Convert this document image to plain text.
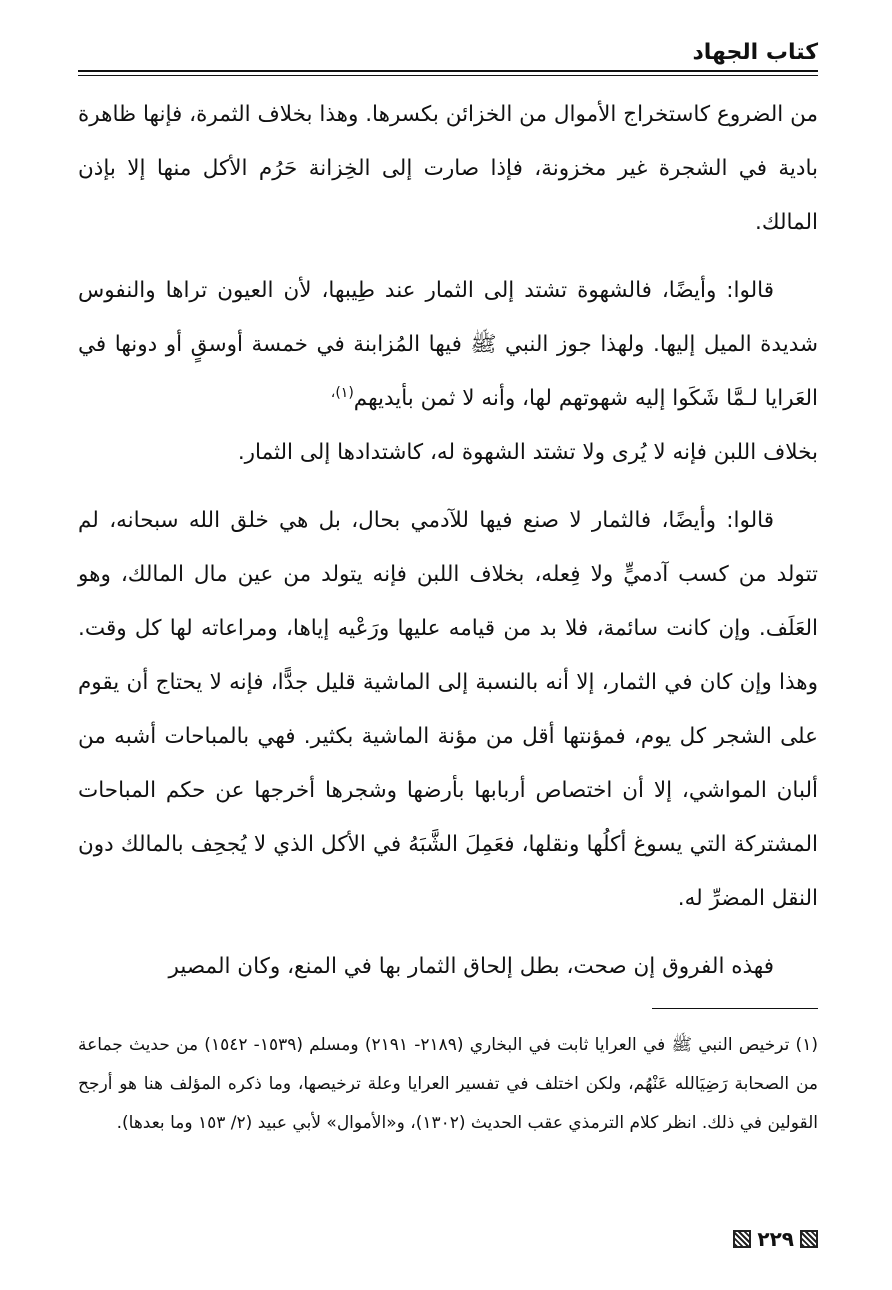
كتاب الجهاد

من الضروع كاستخراج الأموال من الخزائن بكسرها. وهذا بخلاف الثمرة، فإنها ظاهرة بادية في الشجرة غير مخزونة، فإذا صارت إلى الخِزانة حَرُم الأكل منها إلا بإذن المالك.

قالوا: وأيضًا، فالشهوة تشتد إلى الثمار عند طِيبها، لأن العيون تراها والنفوس شديدة الميل إليها. ولهذا جوز النبي ﷺ فيها المُزابنة في خمسة أوسقٍ أو دونها في العَرايا لـمَّا شَكَوا إليه شهوتهم لها، وأنه لا ثمن بأيديهم$^{(١)،}$

بخلاف اللبن فإنه لا يُرى ولا تشتد الشهوة له، كاشتدادها إلى الثمار.

قالوا: وأيضًا، فالثمار لا صنع فيها للآدمي بحال، بل هي خلق الله سبحانه، لم تتولد من كسب آدميٍّ ولا فِعله، بخلاف اللبن فإنه يتولد من عين مال المالك، وهو العَلَف. وإن كانت سائمة، فلا بد من قيامه عليها ورَعْيه إياها، ومراعاته لها كل وقت. وهذا وإن كان في الثمار، إلا أنه بالنسبة إلى الماشية قليل جدًّا، فإنه لا يحتاج أن يقوم على الشجر كل يوم، فمؤنتها أقل من مؤنة الماشية بكثير. فهي بالمباحات أشبه من ألبان المواشي، إلا أن اختصاص أربابها بأرضها وشجرها أخرجها عن حكم المباحات المشتركة التي يسوغ أكلُها ونقلها، فعَمِلَ الشَّبَهُ في الأكل الذي لا يُجحِف بالمالك دون النقل المضرِّ له.

فهذه الفروق إن صحت، بطل إلحاق الثمار بها في المنع، وكان المصير

(١) ترخيص النبي ﷺ في العرايا ثابت في البخاري (٢١٨٩- ٢١٩١) ومسلم (١٥٣٩- ١٥٤٢) من حديث جماعة من الصحابة رَضِيَالله عَنْهُم، ولكن اختلف في تفسير العرايا وعلة ترخيصها، وما ذكره المؤلف هنا هو أرجح القولين في ذلك. انظر كلام الترمذي عقب الحديث (١٣٠٢)، و«الأموال» لأبي عبيد (٢/ ١٥٣ وما بعدها).

٢٢٩
